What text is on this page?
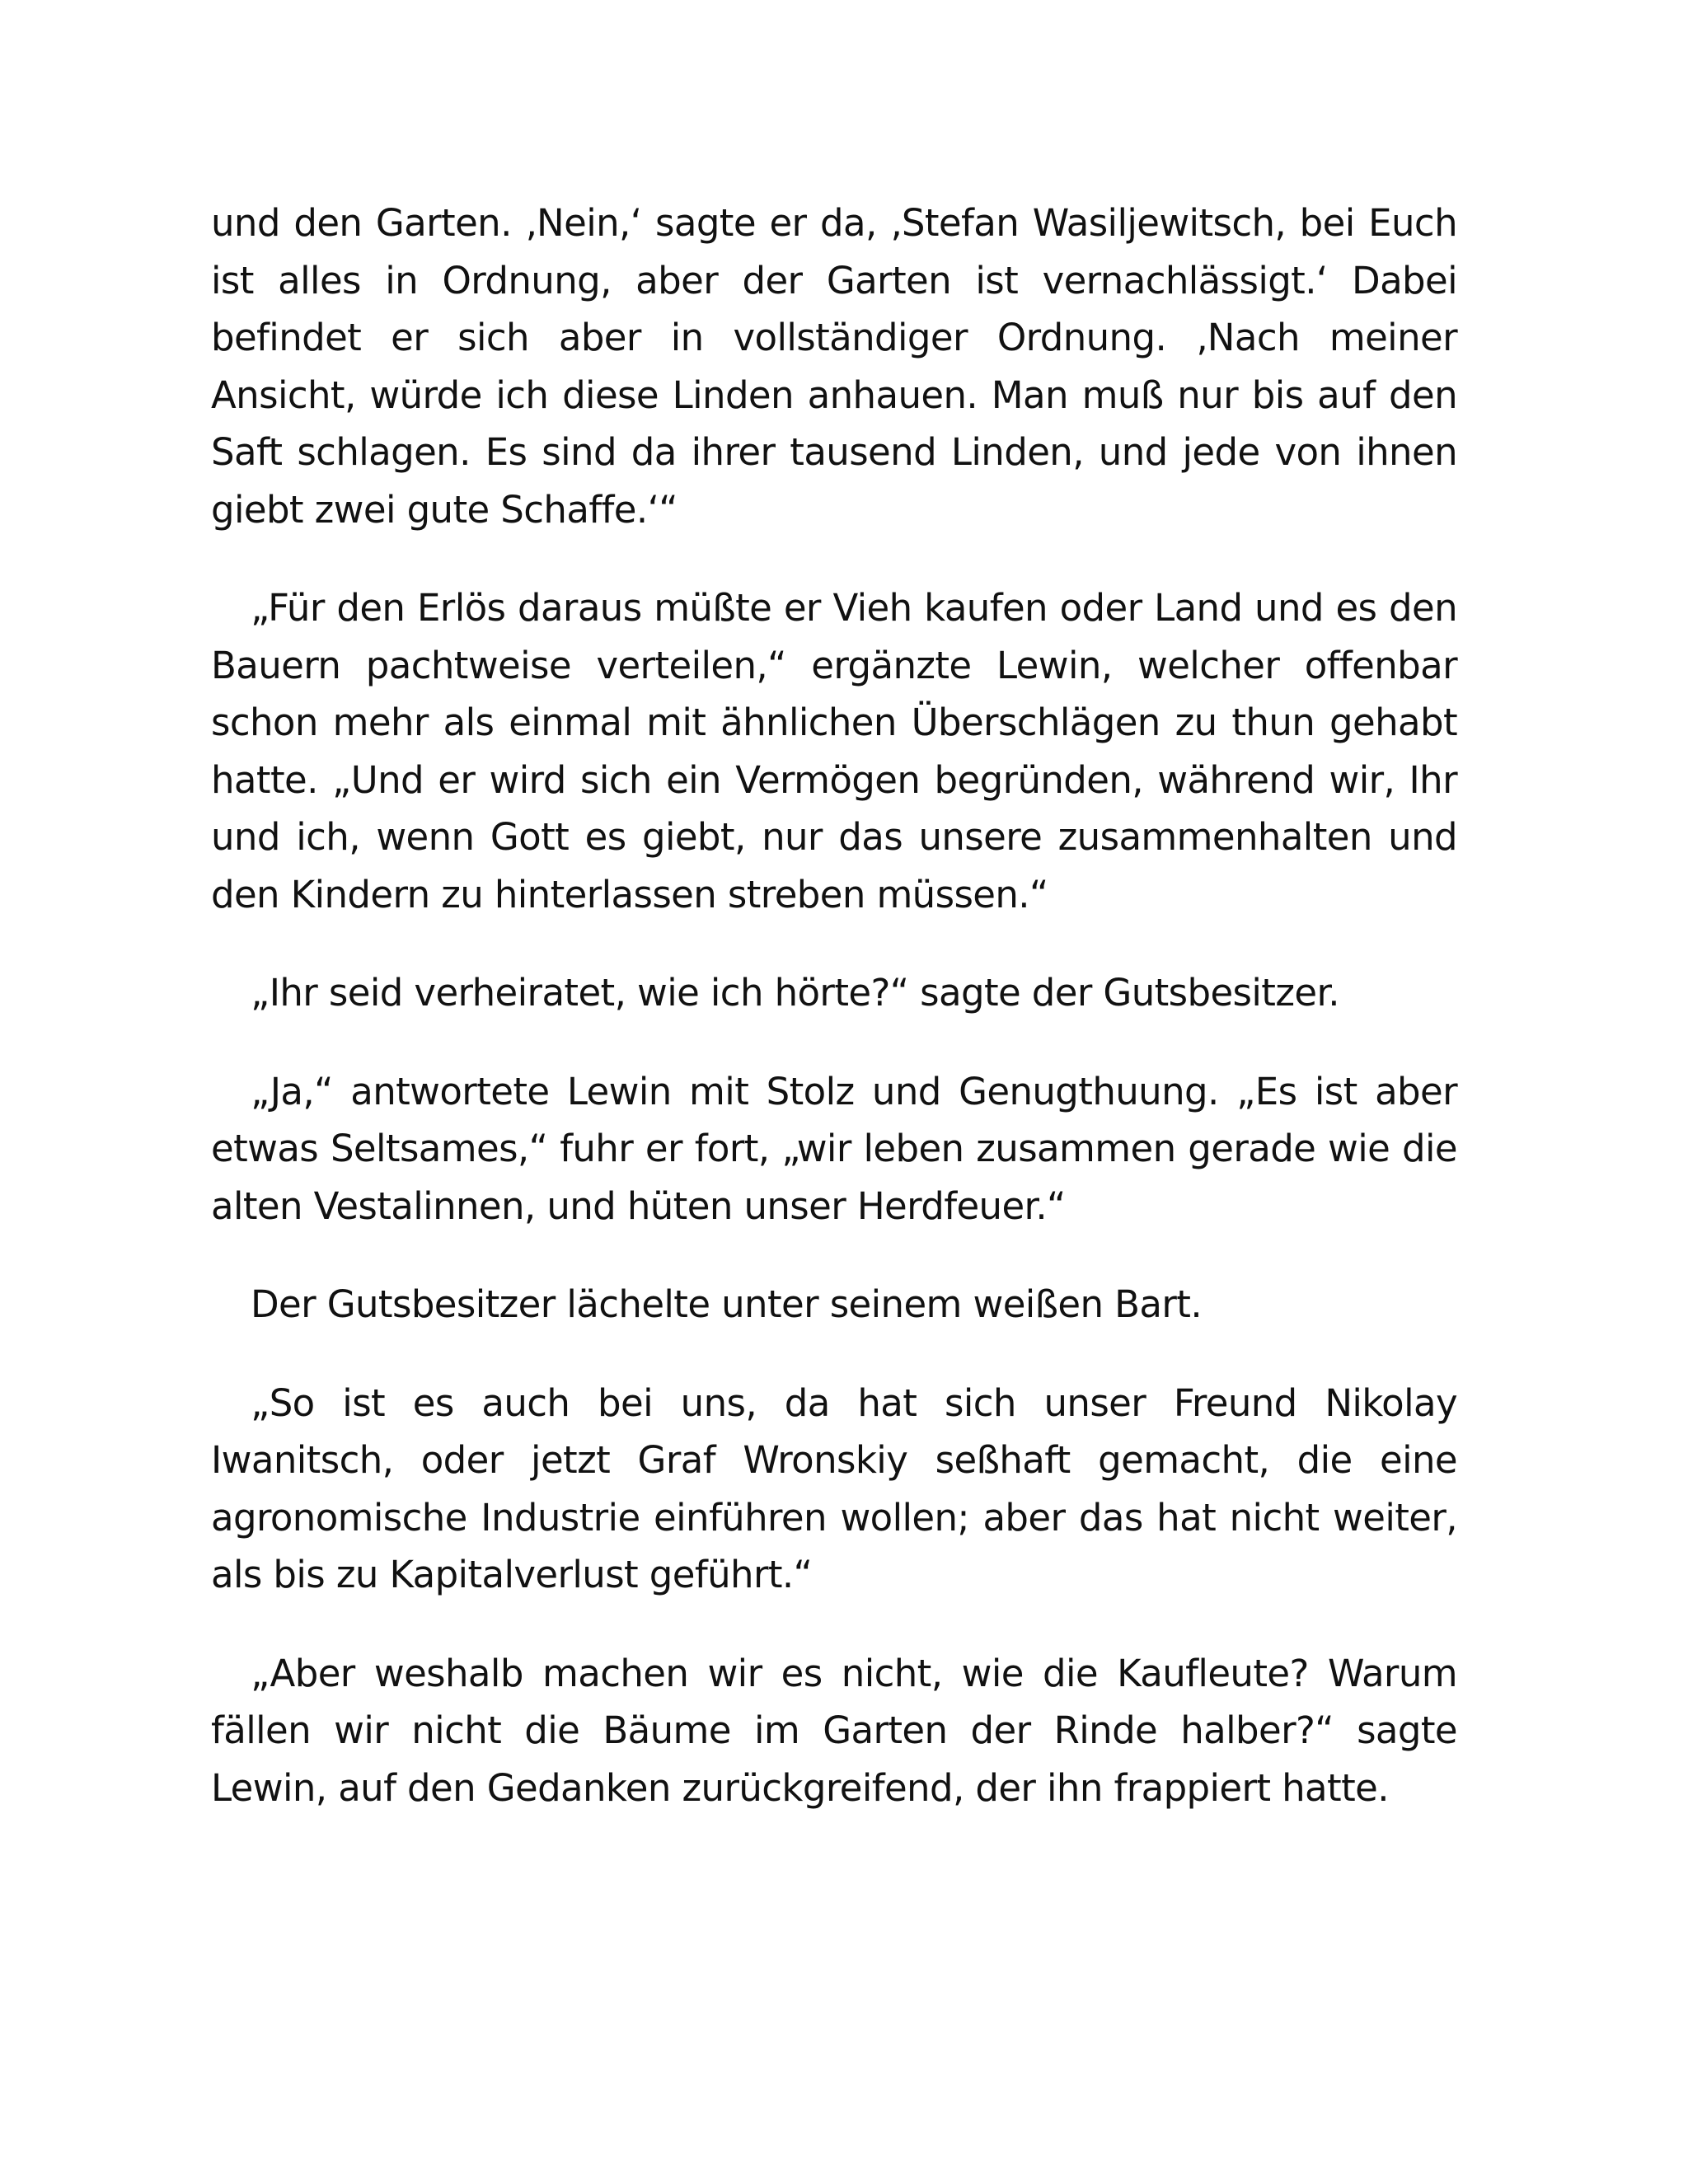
und den Garten. ‚Nein,‘ sagte er da, ‚Stefan Wasiljewitsch, bei Euch ist alles in Ordnung, aber der Garten ist vernachlässigt.‘ Dabei befindet er sich aber in vollständiger Ordnung. ‚Nach meiner Ansicht, würde ich diese Linden anhauen. Man muß nur bis auf den Saft schlagen. Es sind da ihrer tausend Linden, und jede von ihnen giebt zwei gute Schaffe.‘“

„Für den Erlös daraus müßte er Vieh kaufen oder Land und es den Bauern pachtweise verteilen,“ ergänzte Lewin, welcher offenbar schon mehr als einmal mit ähnlichen Überschlägen zu thun gehabt hatte. „Und er wird sich ein Vermögen begründen, während wir, Ihr und ich, wenn Gott es giebt, nur das unsere zusammenhalten und den Kindern zu hinterlassen streben müssen.“

„Ihr seid verheiratet, wie ich hörte?“ sagte der Gutsbesitzer.

„Ja,“ antwortete Lewin mit Stolz und Genugthuung. „Es ist aber etwas Seltsames,“ fuhr er fort, „wir leben zusammen gerade wie die alten Vestalinnen, und hüten unser Herdfeuer.“

Der Gutsbesitzer lächelte unter seinem weißen Bart.

„So ist es auch bei uns, da hat sich unser Freund Nikolay Iwanitsch, oder jetzt Graf Wronskiy seßhaft gemacht, die eine agronomische Industrie einführen wollen; aber das hat nicht weiter, als bis zu Kapitalverlust geführt.“

„Aber weshalb machen wir es nicht, wie die Kaufleute? Warum fällen wir nicht die Bäume im Garten der Rinde halber?“ sagte Lewin, auf den Gedanken zurückgreifend, der ihn frappiert hatte.
